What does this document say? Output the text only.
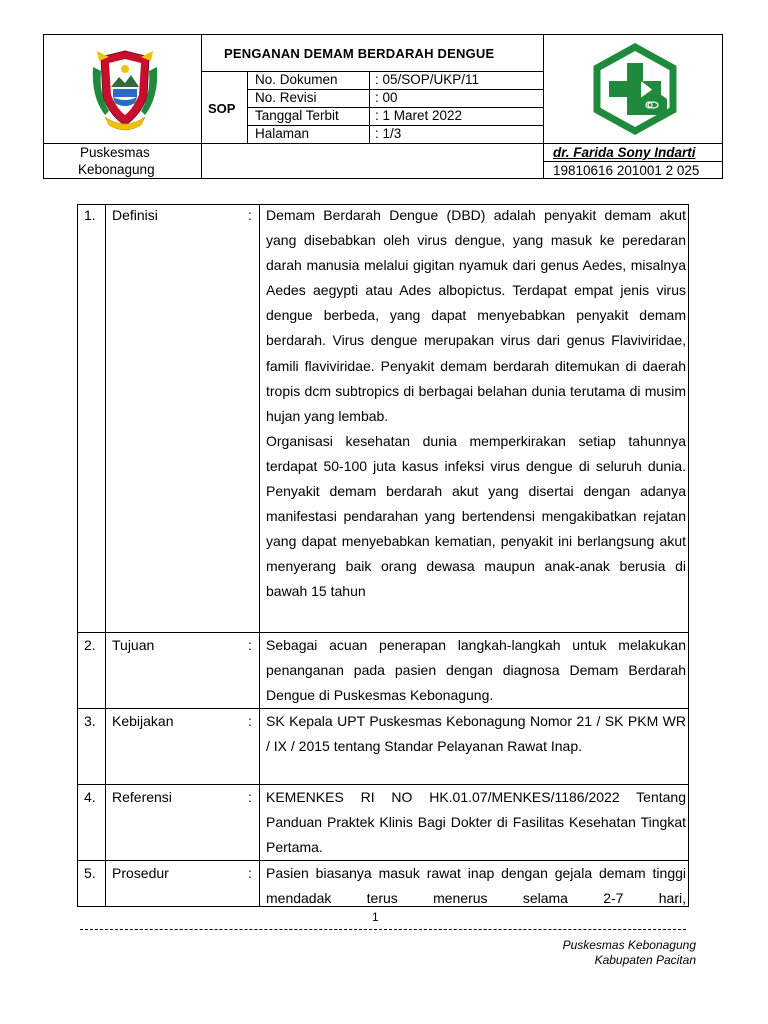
PENGANAN DEMAM BERDARAH DENGUE
SOP
No. Dokumen	: 05/SOP/UKP/11
No. Revisi	: 00
Tanggal Terbit	: 1 Maret 2022
Halaman	: 1/3
Puskesmas
Kebonagung
dr. Farida Sony Indarti
19810616 201001 2 025
1. Definisi	: Demam Berdarah Dengue (DBD) adalah penyakit demam akut yang disebabkan oleh virus dengue, yang masuk ke peredaran darah manusia melalui gigitan nyamuk dari genus Aedes, misalnya Aedes aegypti atau Ades albopictus. Terdapat empat jenis virus dengue berbeda, yang dapat menyebabkan penyakit demam berdarah. Virus dengue merupakan virus dari genus Flaviviridae, famili flaviviridae. Penyakit demam berdarah ditemukan di daerah tropis dcm subtropics di berbagai belahan dunia terutama di musim hujan yang lembab.

Organisasi kesehatan dunia memperkirakan setiap tahunnya terdapat 50-100 juta kasus infeksi virus dengue di seluruh dunia. Penyakit demam berdarah akut yang disertai dengan adanya manifestasi pendarahan yang bertendensi mengakibatkan rejatan yang dapat menyebabkan kematian, penyakit ini berlangsung akut menyerang baik orang dewasa maupun anak-anak berusia di bawah 15 tahun

2. Tujuan	: Sebagai acuan penerapan langkah-langkah untuk melakukan penanganan pada pasien dengan diagnosa Demam Berdarah Dengue di Puskesmas Kebonagung.

3. Kebijakan	: SK Kepala UPT Puskesmas Kebonagung Nomor 21 / SK PKM WR / IX / 2015 tentang Standar Pelayanan Rawat Inap.

4. Referensi	: KEMENKES RI NO HK.01.07/MENKES/1186/2022 Tentang Panduan Praktek Klinis Bagi Dokter di Fasilitas Kesehatan Tingkat Pertama.

5. Prosedur	: Pasien biasanya masuk rawat inap dengan gejala demam tinggi mendadak terus menerus selama 2-7 hari,

1
Puskesmas Kebonagung
Kabupaten Pacitan
